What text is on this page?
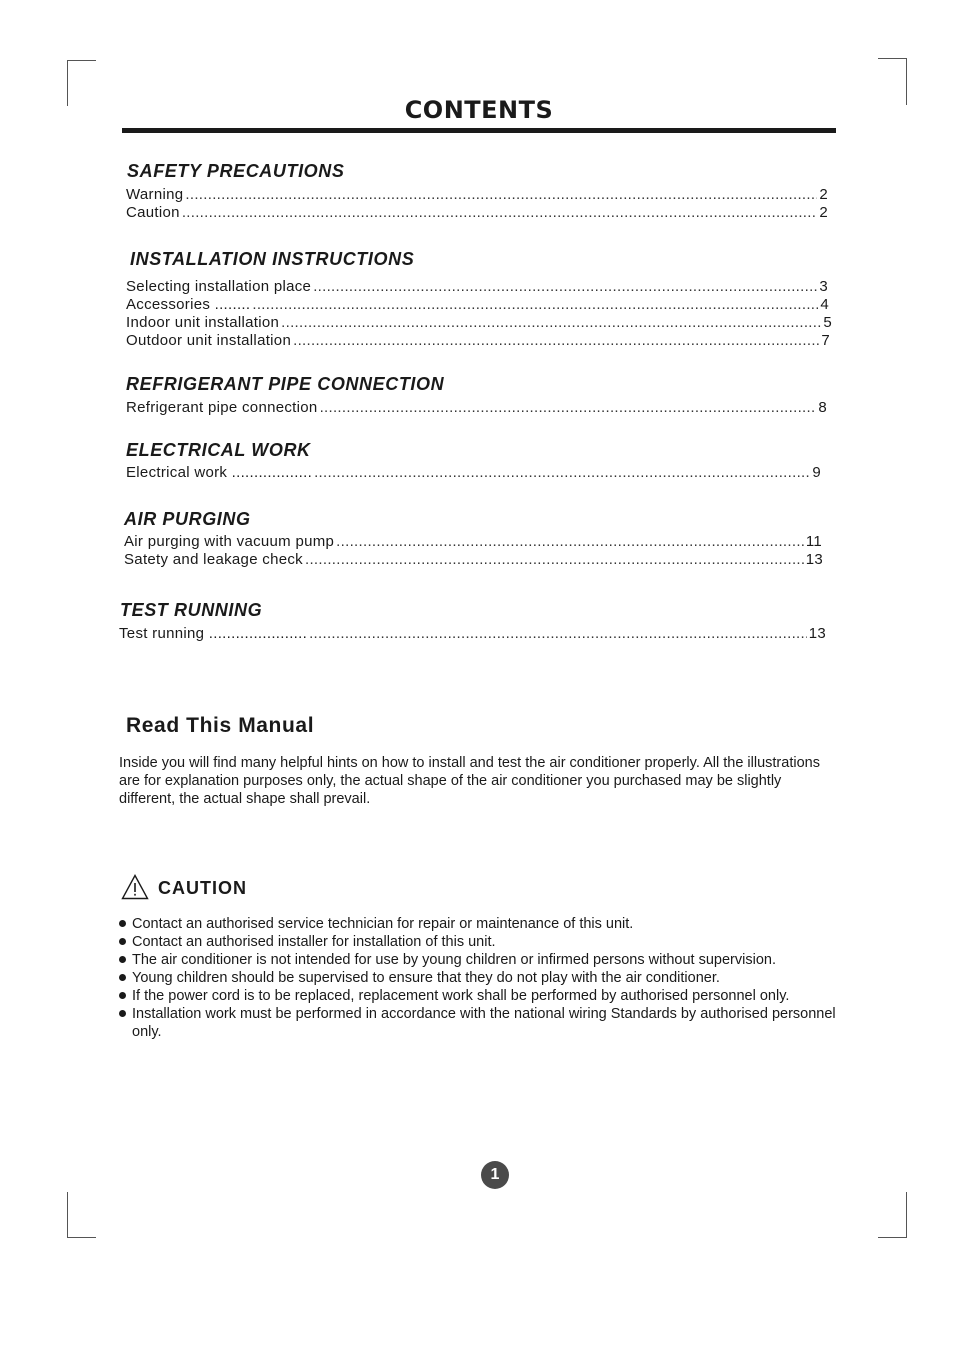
CONTENTS
SAFETY PRECAUTIONS
Warning .....	2
Caution .....	2
INSTALLATION INSTRUCTIONS
Selecting installation place .....	3
Accessories ........ .....	4
Indoor unit installation .....	5
Outdoor unit installation .....	7
REFRIGERANT PIPE CONNECTION
Refrigerant pipe connection .....	8
ELECTRICAL WORK
Electrical work .................. .....	9
AIR PURGING
Air purging with vacuum pump .....	11
Satety and leakage check .....	13
TEST RUNNING
Test running ...................... .....	13
Read This Manual
Inside you will find many helpful hints on how to install and test the air conditioner properly. All the illustrations are for explanation purposes only, the actual shape of the air conditioner you purchased may be slightly different, the actual shape shall prevail.
CAUTION
Contact an authorised service technician for repair or maintenance of this unit.
Contact an authorised installer for installation of this unit.
The air conditioner is not intended for use by young children or infirmed persons without supervision.
Young children should be supervised to ensure that they do not play with the air conditioner.
If the power cord is to be replaced, replacement work shall be performed by authorised personnel only.
Installation work must be performed in accordance with the national wiring Standards by authorised personnel only.
1
